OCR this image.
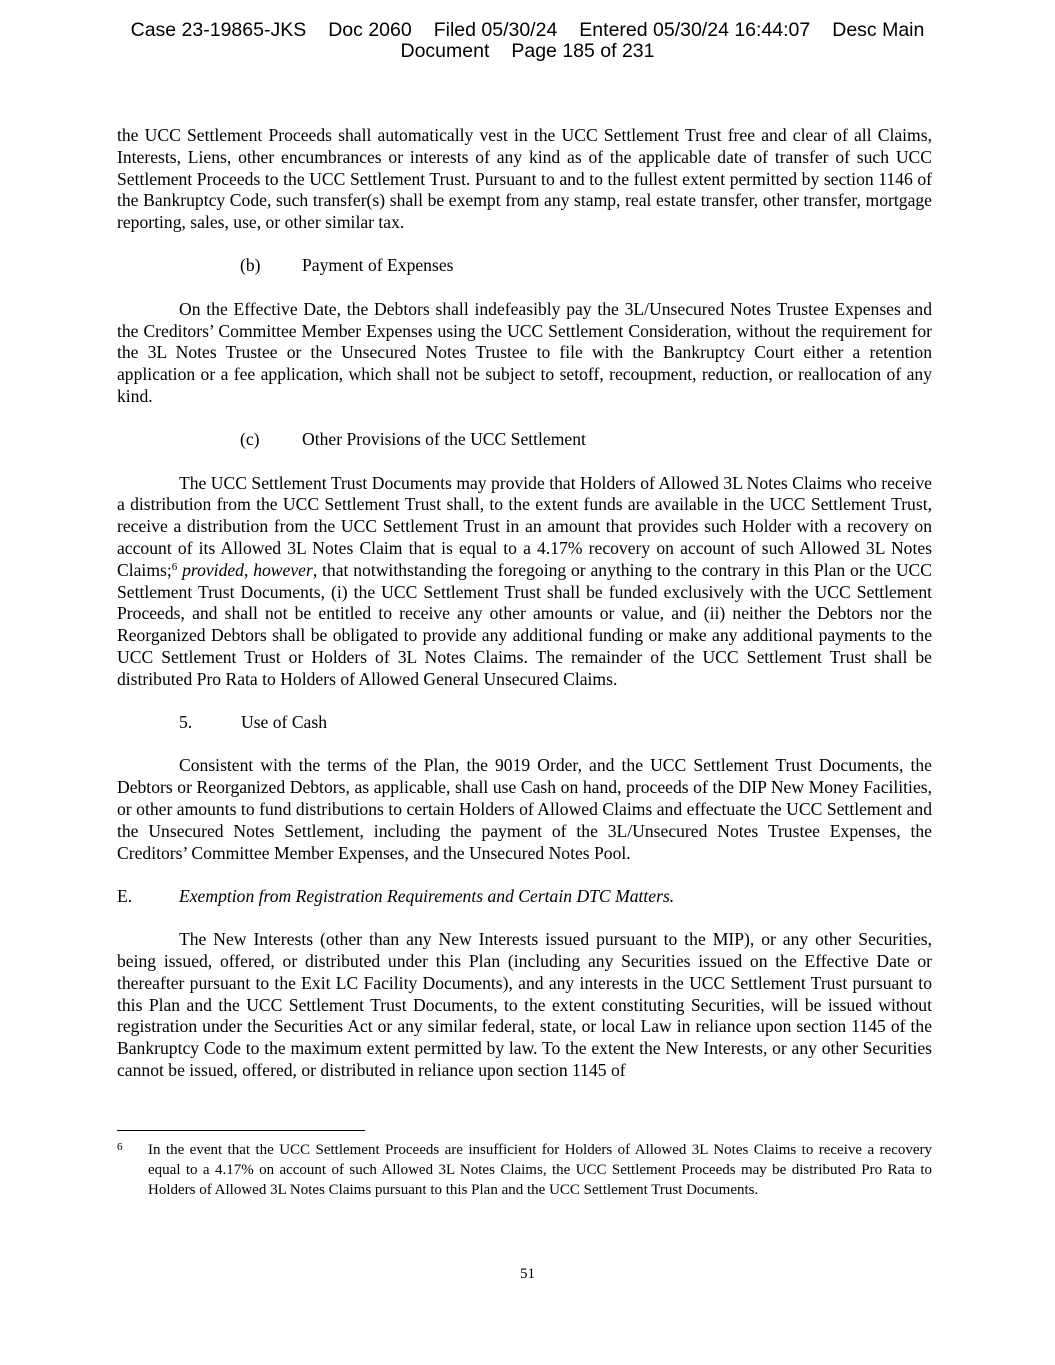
Case 23-19865-JKS Doc 2060 Filed 05/30/24 Entered 05/30/24 16:44:07 Desc Main
Document Page 185 of 231

the UCC Settlement Proceeds shall automatically vest in the UCC Settlement Trust free and clear of all Claims, Interests, Liens, other encumbrances or interests of any kind as of the applicable date of transfer of such UCC Settlement Proceeds to the UCC Settlement Trust. Pursuant to and to the fullest extent permitted by section 1146 of the Bankruptcy Code, such transfer(s) shall be exempt from any stamp, real estate transfer, other transfer, mortgage reporting, sales, use, or other similar tax.

(b) Payment of Expenses

On the Effective Date, the Debtors shall indefeasibly pay the 3L/Unsecured Notes Trustee Expenses and the Creditors’ Committee Member Expenses using the UCC Settlement Consideration, without the requirement for the 3L Notes Trustee or the Unsecured Notes Trustee to file with the Bankruptcy Court either a retention application or a fee application, which shall not be subject to setoff, recoupment, reduction, or reallocation of any kind.

(c) Other Provisions of the UCC Settlement

The UCC Settlement Trust Documents may provide that Holders of Allowed 3L Notes Claims who receive a distribution from the UCC Settlement Trust shall, to the extent funds are available in the UCC Settlement Trust, receive a distribution from the UCC Settlement Trust in an amount that provides such Holder with a recovery on account of its Allowed 3L Notes Claim that is equal to a 4.17% recovery on account of such Allowed 3L Notes Claims;$^6$ provided, however, that notwithstanding the foregoing or anything to the contrary in this Plan or the UCC Settlement Trust Documents, (i) the UCC Settlement Trust shall be funded exclusively with the UCC Settlement Proceeds, and shall not be entitled to receive any other amounts or value, and (ii) neither the Debtors nor the Reorganized Debtors shall be obligated to provide any additional funding or make any additional payments to the UCC Settlement Trust or Holders of 3L Notes Claims. The remainder of the UCC Settlement Trust shall be distributed Pro Rata to Holders of Allowed General Unsecured Claims.

5.	Use of Cash

Consistent with the terms of the Plan, the 9019 Order, and the UCC Settlement Trust Documents, the Debtors or Reorganized Debtors, as applicable, shall use Cash on hand, proceeds of the DIP New Money Facilities, or other amounts to fund distributions to certain Holders of Allowed Claims and effectuate the UCC Settlement and the Unsecured Notes Settlement, including the payment of the 3L/Unsecured Notes Trustee Expenses, the Creditors’ Committee Member Expenses, and the Unsecured Notes Pool.

E.	Exemption from Registration Requirements and Certain DTC Matters.

The New Interests (other than any New Interests issued pursuant to the MIP), or any other Securities, being issued, offered, or distributed under this Plan (including any Securities issued on the Effective Date or thereafter pursuant to the Exit LC Facility Documents), and any interests in the UCC Settlement Trust pursuant to this Plan and the UCC Settlement Trust Documents, to the extent constituting Securities, will be issued without registration under the Securities Act or any similar federal, state, or local Law in reliance upon section 1145 of the Bankruptcy Code to the maximum extent permitted by law. To the extent the New Interests, or any other Securities cannot be issued, offered, or distributed in reliance upon section 1145 of

6 In the event that the UCC Settlement Proceeds are insufficient for Holders of Allowed 3L Notes Claims to receive a recovery equal to a 4.17% on account of such Allowed 3L Notes Claims, the UCC Settlement Proceeds may be distributed Pro Rata to Holders of Allowed 3L Notes Claims pursuant to this Plan and the UCC Settlement Trust Documents.

51
